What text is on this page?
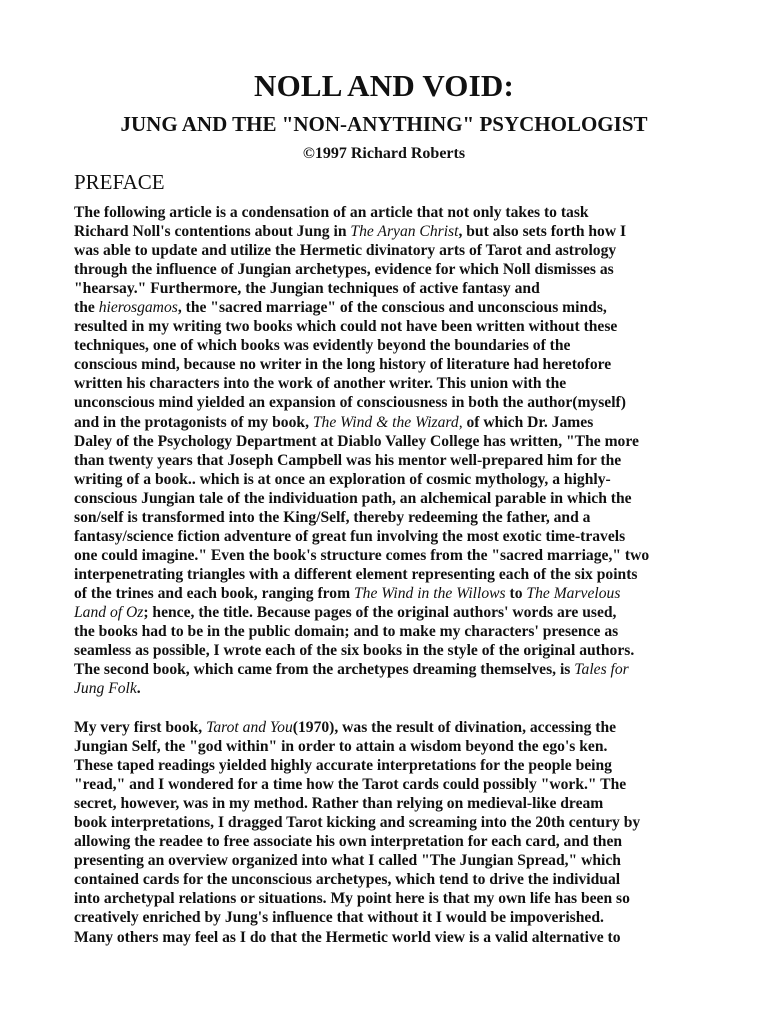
NOLL AND VOID:
JUNG AND THE "NON-ANYTHING" PSYCHOLOGIST
©1997 Richard Roberts
PREFACE
The following article is a condensation of an article that not only takes to task
Richard Noll's contentions about Jung in The Aryan Christ, but also sets forth how I
was able to update and utilize the Hermetic divinatory arts of Tarot and astrology
through the influence of Jungian archetypes, evidence for which Noll dismisses as
"hearsay." Furthermore, the Jungian techniques of active fantasy and
the hierosgamos, the "sacred marriage" of the conscious and unconscious minds,
resulted in my writing two books which could not have been written without these
techniques, one of which books was evidently beyond the boundaries of the
conscious mind, because no writer in the long history of literature had heretofore
written his characters into the work of another writer. This union with the
unconscious mind yielded an expansion of consciousness in both the author(myself)
and in the protagonists of my book, The Wind & the Wizard, of which Dr. James
Daley of the Psychology Department at Diablo Valley College has written, "The more
than twenty years that Joseph Campbell was his mentor well-prepared him for the
writing of a book.. which is at once an exploration of cosmic mythology, a highly-
conscious Jungian tale of the individuation path, an alchemical parable in which the
son/self is transformed into the King/Self, thereby redeeming the father, and a
fantasy/science fiction adventure of great fun involving the most exotic time-travels
one could imagine." Even the book's structure comes from the "sacred marriage," two
interpenetrating triangles with a different element representing each of the six points
of the trines and each book, ranging from The Wind in the Willows to The Marvelous
Land of Oz; hence, the title. Because pages of the original authors' words are used,
the books had to be in the public domain; and to make my characters' presence as
seamless as possible, I wrote each of the six books in the style of the original authors.
The second book, which came from the archetypes dreaming themselves, is Tales for
Jung Folk.
My very first book, Tarot and You(1970), was the result of divination, accessing the
Jungian Self, the "god within" in order to attain a wisdom beyond the ego's ken.
These taped readings yielded highly accurate interpretations for the people being
"read," and I wondered for a time how the Tarot cards could possibly "work." The
secret, however, was in my method. Rather than relying on medieval-like dream
book interpretations, I dragged Tarot kicking and screaming into the 20th century by
allowing the readee to free associate his own interpretation for each card, and then
presenting an overview organized into what I called "The Jungian Spread," which
contained cards for the unconscious archetypes, which tend to drive the individual
into archetypal relations or situations. My point here is that my own life has been so
creatively enriched by Jung's influence that without it I would be impoverished.
Many others may feel as I do that the Hermetic world view is a valid alternative to
